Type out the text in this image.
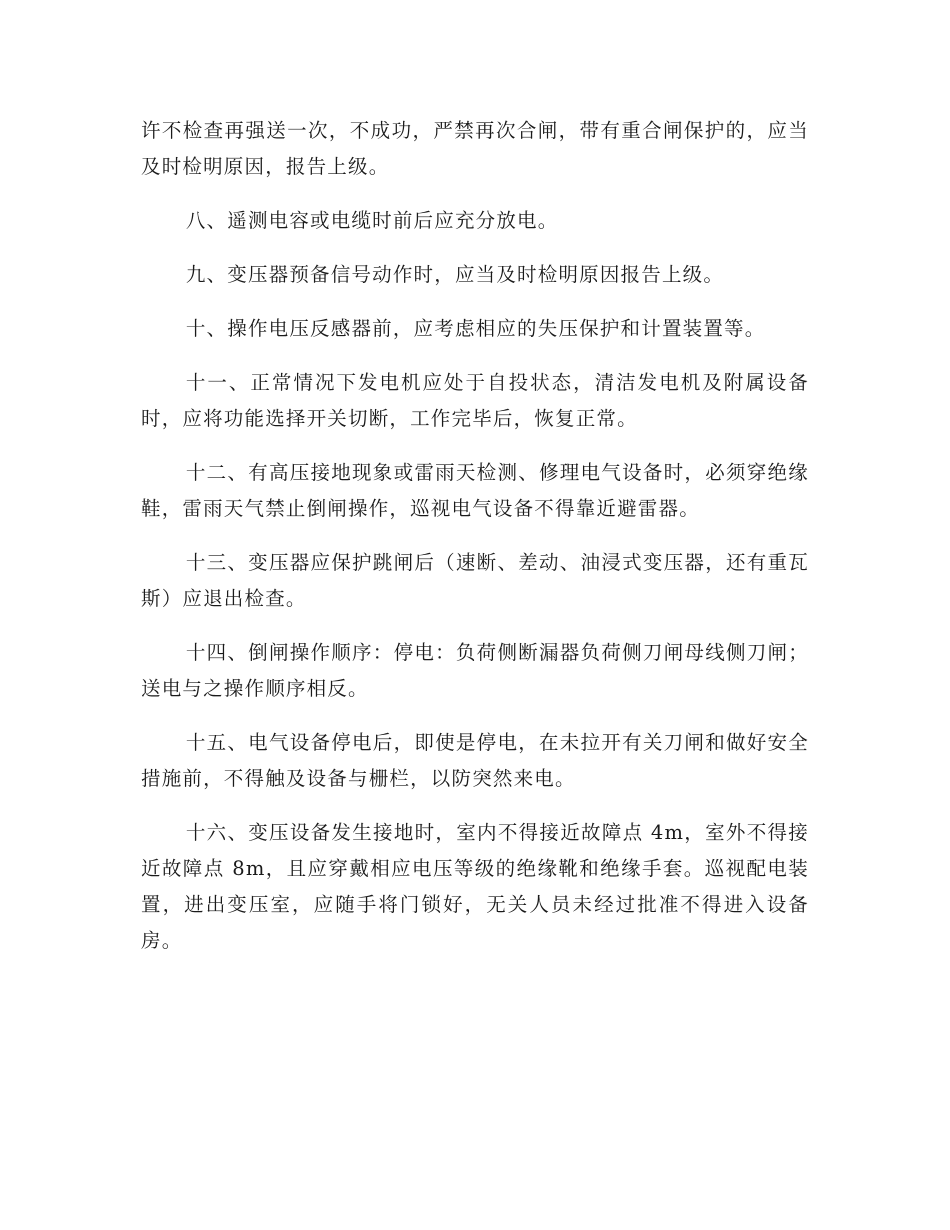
许不检查再强送一次，不成功，严禁再次合闸，带有重合闸保护的，应当及时检明原因，报告上级。

八、遥测电容或电缆时前后应充分放电。

九、变压器预备信号动作时，应当及时检明原因报告上级。

十、操作电压反感器前，应考虑相应的失压保护和计置装置等。

十一、正常情况下发电机应处于自投状态，清洁发电机及附属设备时，应将功能选择开关切断，工作完毕后，恢复正常。

十二、有高压接地现象或雷雨天检测、修理电气设备时，必须穿绝缘鞋，雷雨天气禁止倒闸操作，巡视电气设备不得靠近避雷器。

十三、变压器应保护跳闸后（速断、差动、油浸式变压器，还有重瓦斯）应退出检查。

十四、倒闸操作顺序：停电：负荷侧断漏器负荷侧刀闸母线侧刀闸；送电与之操作顺序相反。

十五、电气设备停电后，即使是停电，在未拉开有关刀闸和做好安全措施前，不得触及设备与栅栏，以防突然来电。

十六、变压设备发生接地时，室内不得接近故障点 4m，室外不得接近故障点 8m，且应穿戴相应电压等级的绝缘靴和绝缘手套。巡视配电装置，进出变压室，应随手将门锁好，无关人员未经过批准不得进入设备房。
